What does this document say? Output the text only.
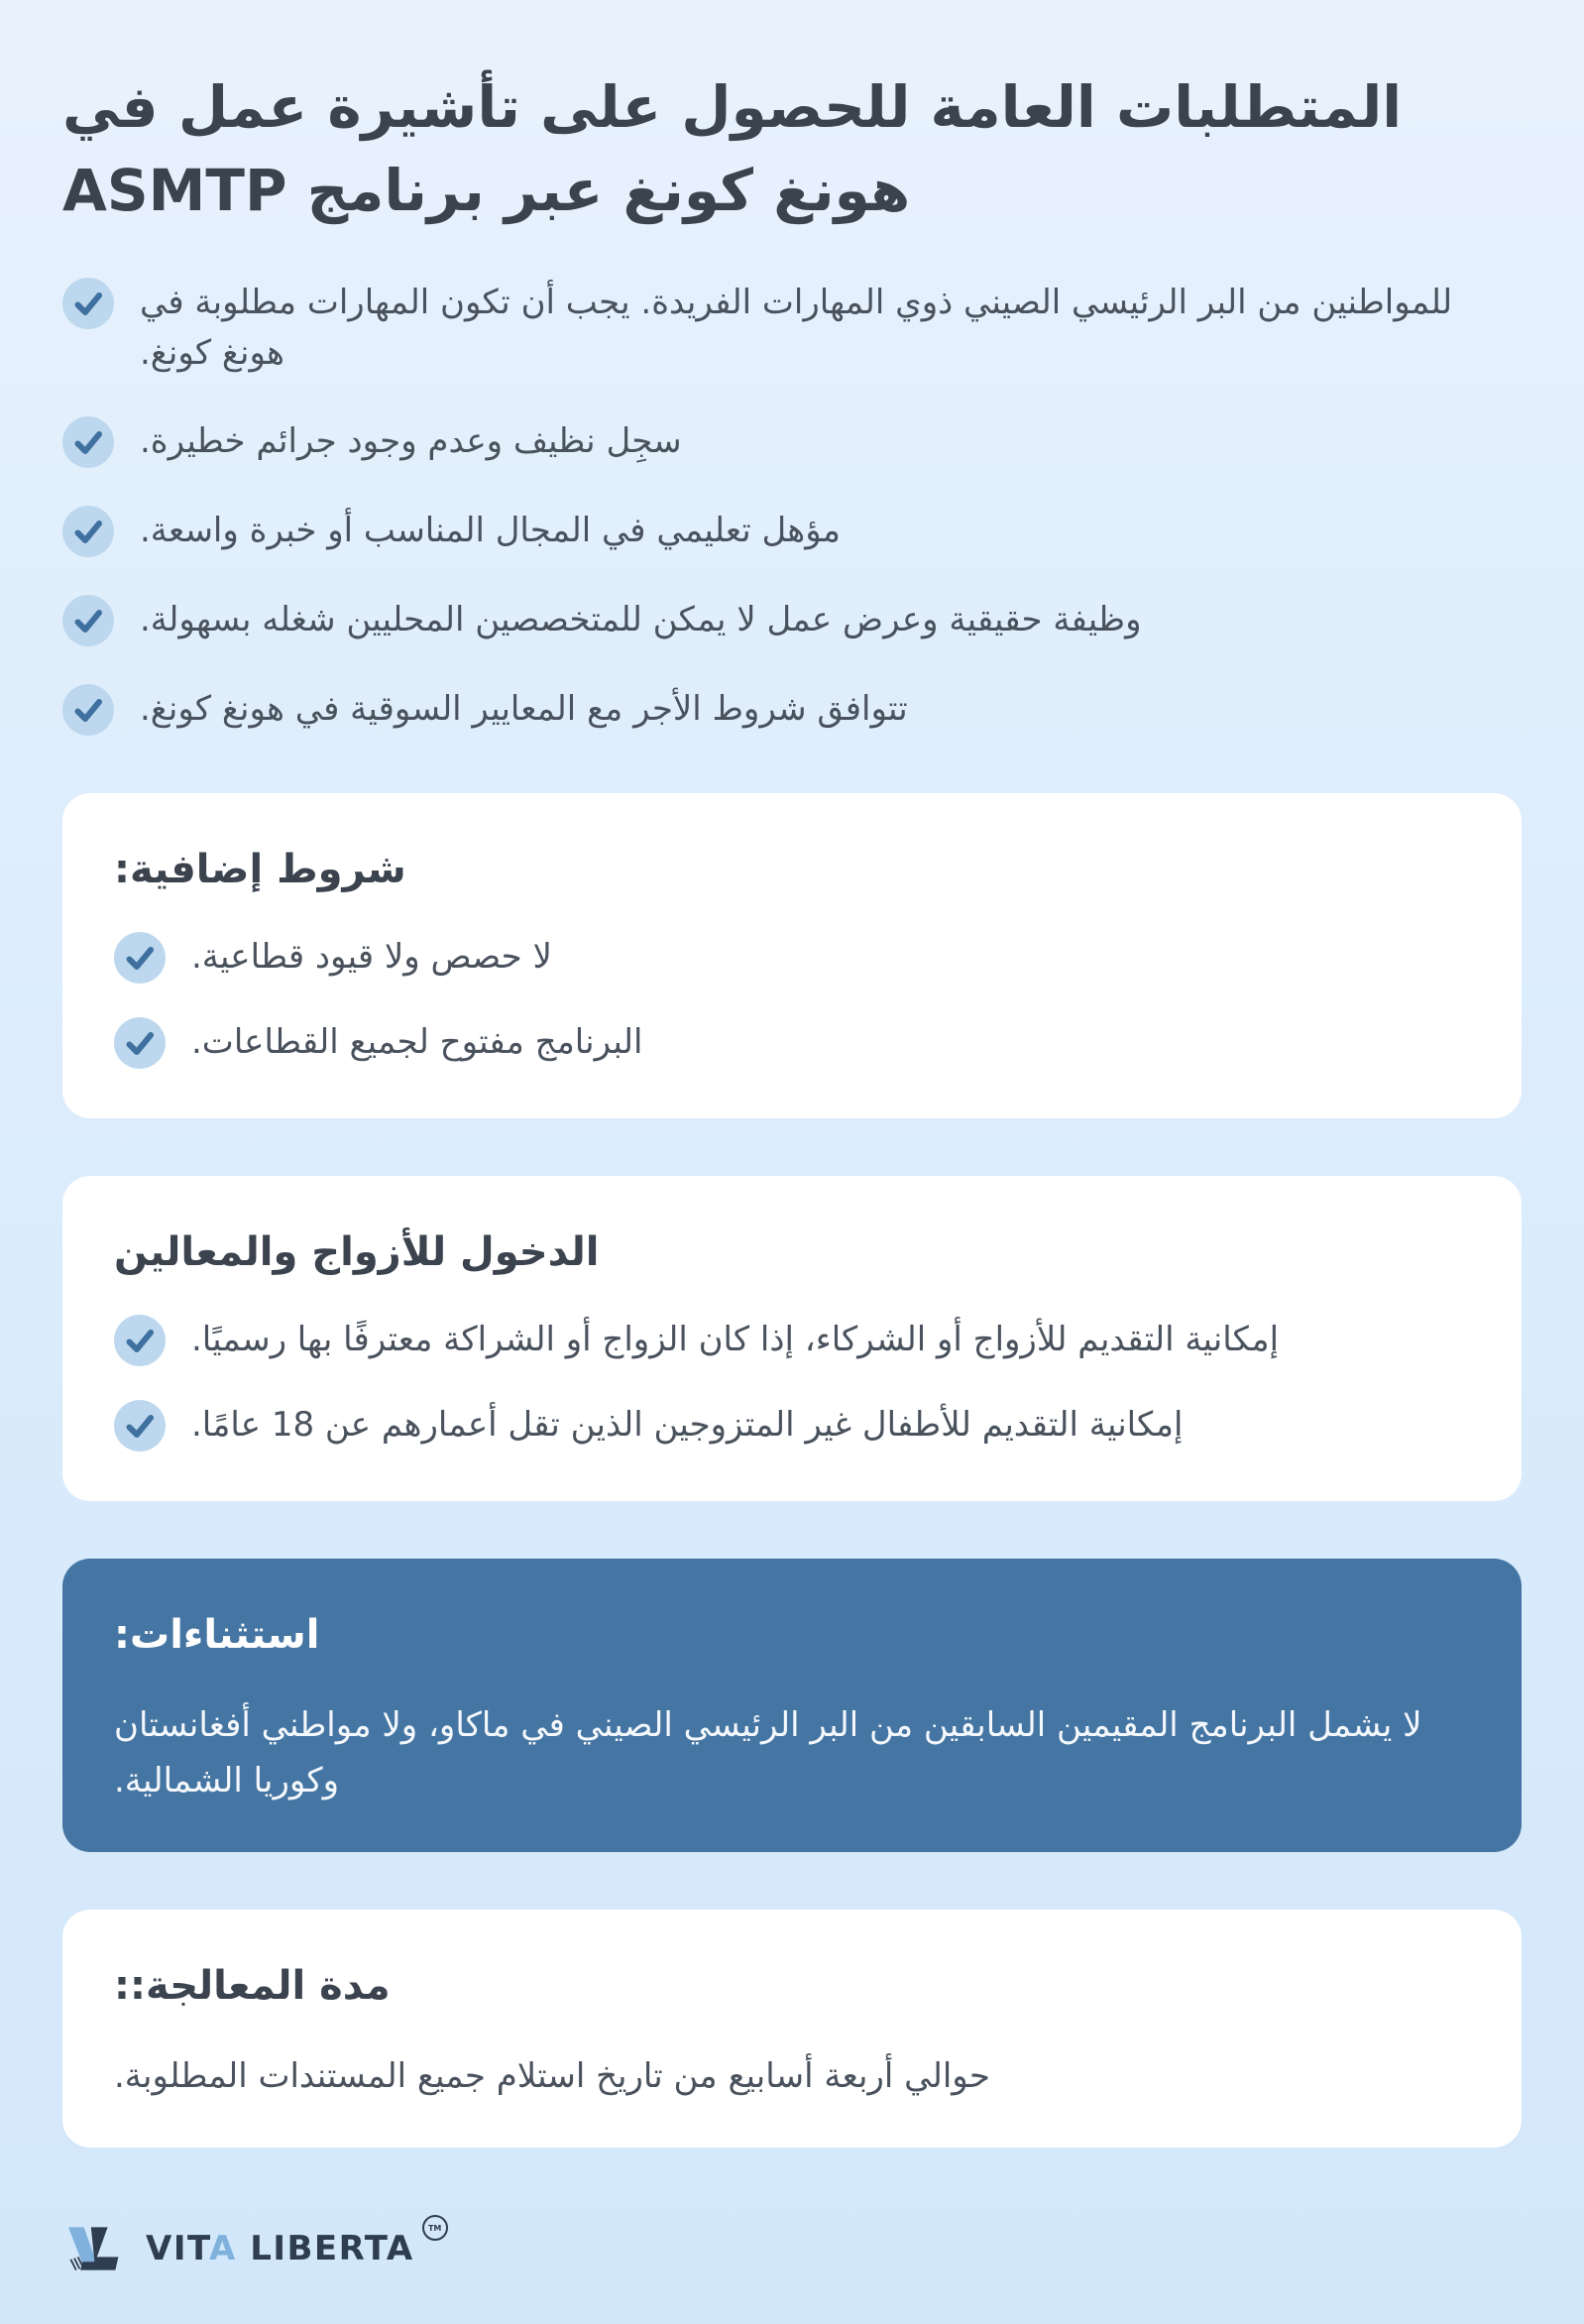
المتطلبات العامة للحصول على تأشيرة عمل في
هونغ كونغ عبر برنامج ASMTP

للمواطنين من البر الرئيسي الصيني ذوي المهارات الفريدة. يجب أن تكون المهارات مطلوبة في هونغ كونغ.

سجِل نظيف وعدم وجود جرائم خطيرة.

مؤهل تعليمي في المجال المناسب أو خبرة واسعة.

وظيفة حقيقية وعرض عمل لا يمكن للمتخصصين المحليين شغله بسهولة.

تتوافق شروط الأجر مع المعايير السوقية في هونغ كونغ.

شروط إضافية:

لا حصص ولا قيود قطاعية.

البرنامج مفتوح لجميع القطاعات.

الدخول للأزواج والمعالين

إمكانية التقديم للأزواج أو الشركاء، إذا كان الزواج أو الشراكة معترفًا بها رسميًا.

إمكانية التقديم للأطفال غير المتزوجين الذين تقل أعمارهم عن 18 عامًا.

استثناءات:

لا يشمل البرنامج المقيمين السابقين من البر الرئيسي الصيني في ماكاو، ولا مواطني أفغانستان وكوريا الشمالية.

مدة المعالجة::

حوالي أربعة أسابيع من تاريخ استلام جميع المستندات المطلوبة.

VITA LIBERTA
TM
